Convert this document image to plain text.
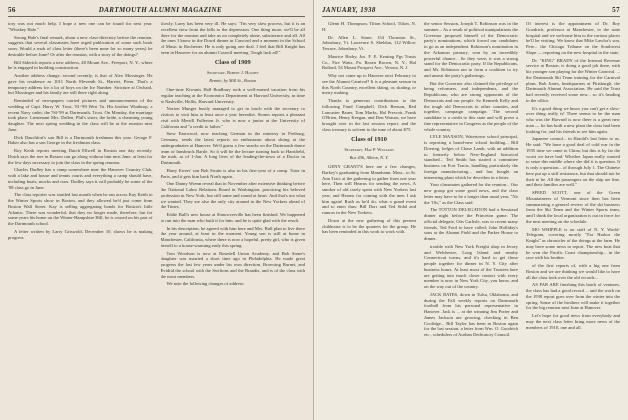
56	DARTMOUTH ALUMNI MAGAZINE

tory was not much help. I hope a new one can be found for next year. "Whiskey Hale."

Strong Hale's final remark, about a new class-directory before the reunion, suggests that several classmates have urged publication of some such book soon. Would a mob of class letter (there's been none for so many years) be desirable before June? Or after the reunion, with a story of the doings?

Bill Siderich reports a new address, 48 Mount Ave., Freeport, N. Y., where he is engaged in building construction.

Another address change, second recently, is that of Alex Mossinger. He gave his residence as 1011 North Eleventh St., Harriet, Penn. That's a temporary address for a lot of boys on the Ice Number. Stricture at Orchard, but Mossinger and his family are still there right along.

Reminded of newspapers carried pictures and announcements of the wedding of Capt. Harry W. Trost, '81-'99 West Va. His brother Winthrop, a recent Navy cadet, the '94-'99 at Dartmouth, Trost. On Monday, the marriage took place. Lieutenant Mrs. Dallen, Phil's sister, the bride, a charming young daughter. The next spring wedding in the class will be at the reunion next June.

Dick Dauchfort's son Bill is a Dartmouth freshman this year. George F. Baker also has a son George in the freshman class.

Roy Keith reports meeting Dutch Ellwell in Boston one day recently. Dutch says the tree in Boston can go along without him next June, at least for the few days necessary to join the class in the spring reunion.

Charles Dudley has a camp somewhere near the Hanover Country Club, with a lake and house and tennis courts and everything a camp should have, including boats, mocks and cues. Dudley says it will probably be some of the '08 class go in June.

The class reporter was startled last month when he ran across Kay Keith in the Winter Sports show in Boston, and they allowed he'd just come from Boston Wall Street. Kay is selling aggregating bonds for Boston's little Atlantic. There was wonderful, that they no longer made, therefore, but for some years his home on the Winter-Hampshire Hill, he is owned on his part of the Dartmouth school.

A letter written by Larry Griswold, December 10, shows he is making progress

slowly. Larry has been very ill. He says: "I'm very slow process, but it is an excellent view from the hills to the depression. One thing more, we'll be all there for the reunion and take us on completely alone, subsistence and all. All the ones I know in the Dowd dinner in Concord and a moment in the School of Music in Rochester. He is only going one deal. I feel that Bill Knight has been in Hanover for an alumni Council meeting. Tough luck all!"

Class of 1909
Secretary, Robert J. Holmes
Rennie, by Mill St., Boston

One-time Kiwanis Hall Bradbury took a well-earned vacation from his regular teaching at the Economics Department at Harvard University, in time at Nashville, Hollis, Harvard University.

Norton Munger busily managed to get in touch with the secretary to visitors to visit him at least once a year hereafter. Stones reports a pleasant visit with Merrill Fullerton Jr. who is now a junior at the University of California and "a credit to father."

Stew Eastwood, now teaching German in the ministry in Freiburg, Germany, sends the latest reports on enthusiasm about skiing at the undergraduates at Hanover. We'd guess a few snacks on the Dartmouth dance team of Innsbruck Bartle. So it will be the lecture turning back to Hansfield, the mob, as of 1-Jan. A long lives of the leading-the-town of a Doctor in Dartmouth.

Harry Ewers' son Bob Swain is also in his first-year of a comp. Tutor in Paris, and it gets him back North again.

One Danny Wrenn reveal that in November after extensive thinking before the National Labor Relations Board in Washington, practicing his beloved profession in New York, but still same and sound at heart. And that's not what we wanted. They are also the only city around in the New Yorkers ahead of the Times.

Eddie Bull's new house at Slancoverville has been finished. We happened to run into the man who built it for him, and he is quite glad with the result.

In his description, he agreed with him here and Mrs. Bull plan to live there the year around, at least in the moment. Young son is still at home in Manchester, California, where there is now a hopeful, pretty girl, who is given herself to a house-warming early this spring.

Tom Woodson is now at Rosedell Union Academy, and Bob Stone's daughter was married a short time ago in Philadelphia. He made great progress the last few years under his own direction. Browsing Burnet, and Evidiid the school with the Swiftons and the Brandts, and is of the class with the most members.

We note the following changes of address:

JANUARY, 1938	57

Glenn H. Thompson, Tilton School, Tilton, N. H.

Dr. Allen L. Stone, 154 Thornton St., Johnsbury, Vt. Lawrence S. Sheldon, 112 Willow Terrace, Johnsbury, Vt.

Maurice Bixby, Jos. F. E. Keating Pgs Trusts Co., Fire Watts, Pa. Rosen Brown, N. Y.; Hal Bullard, 54 Mount Prospect Ave., Verona, N. J.

Why not come up to Hanover next February to see the Alumni Carnival? It is a pleasant season in this North Country, excellent skiing, or, skating, or merry making.

Thanks to generous contributions to the following Fund Campbell, Dick Benson, Red Lancaster Bauer, Tom Marks, Hal Prescott, Frank O'Brien, Henry Keegan, and Don Watson, we have brought over in the last session report, and the class treasury is solvent to the tune of about $75.

Class of 1910
Secretary, Hap P. Williams
Box 456, Albion, N. Y.

GENY GRANT'S here are a few changes, Barkey's graduating from Mannhann, Mass., to St. Ann Tract at the gathering to gather from one year here, Then will Hearns for sending the news, A smoker of old rarely spent with New Yorkers last year, and Hearns for coming with the men I ask him again! Rush as he'd do, what a grand event and to enter thus: Bill Dorr and Ted Sidal and rumors in the New Yorkers.

Down at the new gathering of this present clubhouse is to be the quarters for the group. He has been reminded in this work to work with.

the senior Session, Joseph T. Robinson was in the summer... As a result of political manipulations the Governor proposed himself of the Democratic party's nominations, which forced our candidates to go as an independent. Robinson's nomination in the Arkansas primary, won by an incredibly powerful chance... So they were, it was a strong stand for the Democratic party. If the Republicans, and Mr. Robinson ran to form a coalition to try and unseat the party's gatherings.

But the Governor also claimed the privilege of being reformers, and independents, and the Republicans, who are strong opponents of the Democrats and our people. So Kenneth Kelly and the tough old Democrats in other counties, and together, campaign campaign. The second candidate is a credit to this state and will prove a fine representative in Congress as the people of the whole country.

LYLE MAXSON, Watertown school principal, is reporting a brand-new school building... Bill Doering, lodges of Chase Lamb, with an addition to formerly below New-England historical standard... Ted Smith has started a committee business on Fort Tracts, handling particularly the foreign manufacturing... and has bought an interesting plant which he describes in a letter.

Your classmates gathered for the reunion... Our new group got some good news, and the class letter may have to be a longer than usual year, "No the '10s," as the Class said.

The TOTTON DELEGATION had a Sessional dinner night before the Princeton game. The official delegate, Otis Carlisle, was to recent many friends, Ted Ford to have called; John Holliday's sons at the Alumni Field and the Parker House to dinner.

trouble with New York Freight shop in Jersey and Welchester, Long Island and nearby Connecticut towns, and it's hard to get those people together for dinner in N. Y. City after business hours. At least most of the Trustees here are getting into much closer contact with every member is now in New York City, you know, and on the way out of the country.

JACK BATES, down in Tulsa, Oklahoma, and during the Fall weekly reports on Dartmouth football from his personal representative in Hanover. Jack is ... at the winning Jim Porter and James Jackson are growing, checking in Ben Coolidge... Bill Taylor has been in Boston again for the last session, a letter from Wm. O. Goodrich etc., schedulers of Aurban Dedicatory Council.

Of interest is the appointment of Dr. Roy Goodrich, professor at Manchester, to the state hospital and we welcome him to the various places he'll be visiting. We know that Mike Lawlor's son, Pete... the Chicago Tribune on the Southwest Slope — reporting on the new hospital in the state.

Dr. "KING" BRADY of the Internal Revenue service at Boston, is doing a good job there, with his younger son playing for the Winter Carnival. ... the Dartmouth Ski Team training for the Carnival plans. Bob Jones, headquarters at Pittsburgh, the Dartmouth Alumni Association. He said the Trust had recently received some new... so it's heading to the office.

It's a good thing we know you can't get a slow-over thing really is! There seems to be the man who was the Harvard is now there is a great new man — he has built a new plant the class had been looking for, and his friends to see him again.

Japanese control... in Harold's last letter to us. He said: "We have a good deal of cold war in the 1935 time we came to China, but this is by far the worst we have had. Whether Japan really wanted to seize this middle where she did it is question. It is only a question... of through July 1. The Chinese here put up a stiff resistance, but that should not be their to be. All the passengers on the ship are fine, and their families are well."

SPEED SCOTT, one of the Green Mountaineers of Vermont since then has been summarizing a general review of the ski business from the Ski Team and the Winter Sports team, and I think the local organization is out in force for the next meeting on the schedule.

MO WHIPPLE is on staff of N. Y. World-Telegram, covering mostly "Far Harbor die Knight" as chronicler of the doings at the farm. He may have some news to report. The new boat that he won the Pacific Coast championship... in the race with his brother.

of the first reports of, with a big one from Boston and we are thinking we would like to have all the class look over the old records...

AS FAR ARE finishing this batch of ventures, the class has had a good record ... and the work on the 1938 report goes over from the winter into the spring. Some of the brothers will make it together for the big reunion next June at Hanover.

Let's hope for good news from everybody and may the next class letter bring more news of the members of 1910, one and all.
